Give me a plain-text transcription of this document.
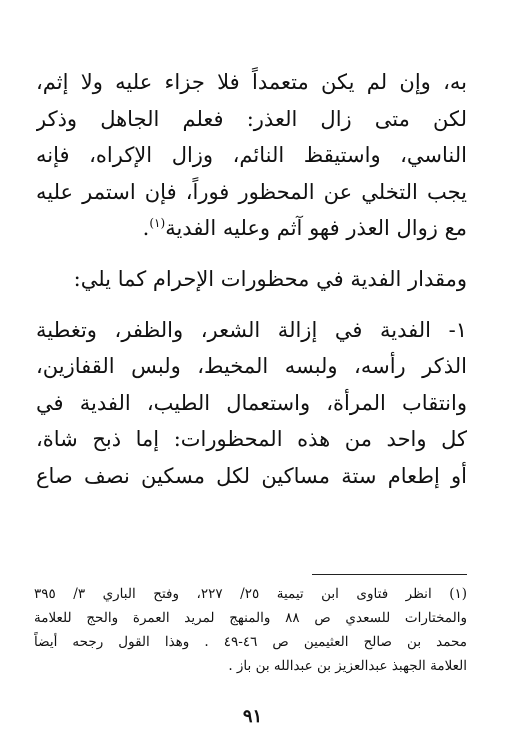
به، وإن لم يكن متعمداً فلا جزاء عليه ولا إثم،
لكن متى زال العذر: فعلم الجاهل وذكر
الناسي، واستيقظ النائم، وزال الإكراه، فإنه
يجب التخلي عن المحظور فوراً، فإن استمر عليه
مع زوال العذر فهو آثم وعليه الفدية$^{(١)}$.
ومقدار الفدية في محظورات الإحرام كما يلي:
١- الفدية في إزالة الشعر، والظفر، وتغطية
الذكر رأسه، ولبسه المخيط، ولبس القفازين،
وانتقاب المرأة، واستعمال الطيب، الفدية في
كل واحد من هذه المحظورات: إما ذبح شاة،
أو إطعام ستة مساكين لكل مسكين نصف صاع
(١) انظر فتاوى ابن تيمية ٢٥/ ٢٢٧، وفتح الباري ٣/ ٣٩٥
والمختارات للسعدي ص ٨٨ والمنهج لمريد العمرة والحج للعلامة
محمد بن صالح العثيمين ص ٤٦-٤٩ . وهذا القول رجحه أيضاً
العلامة الجهبذ عبدالعزيز بن عبدالله بن باز .
٩١
